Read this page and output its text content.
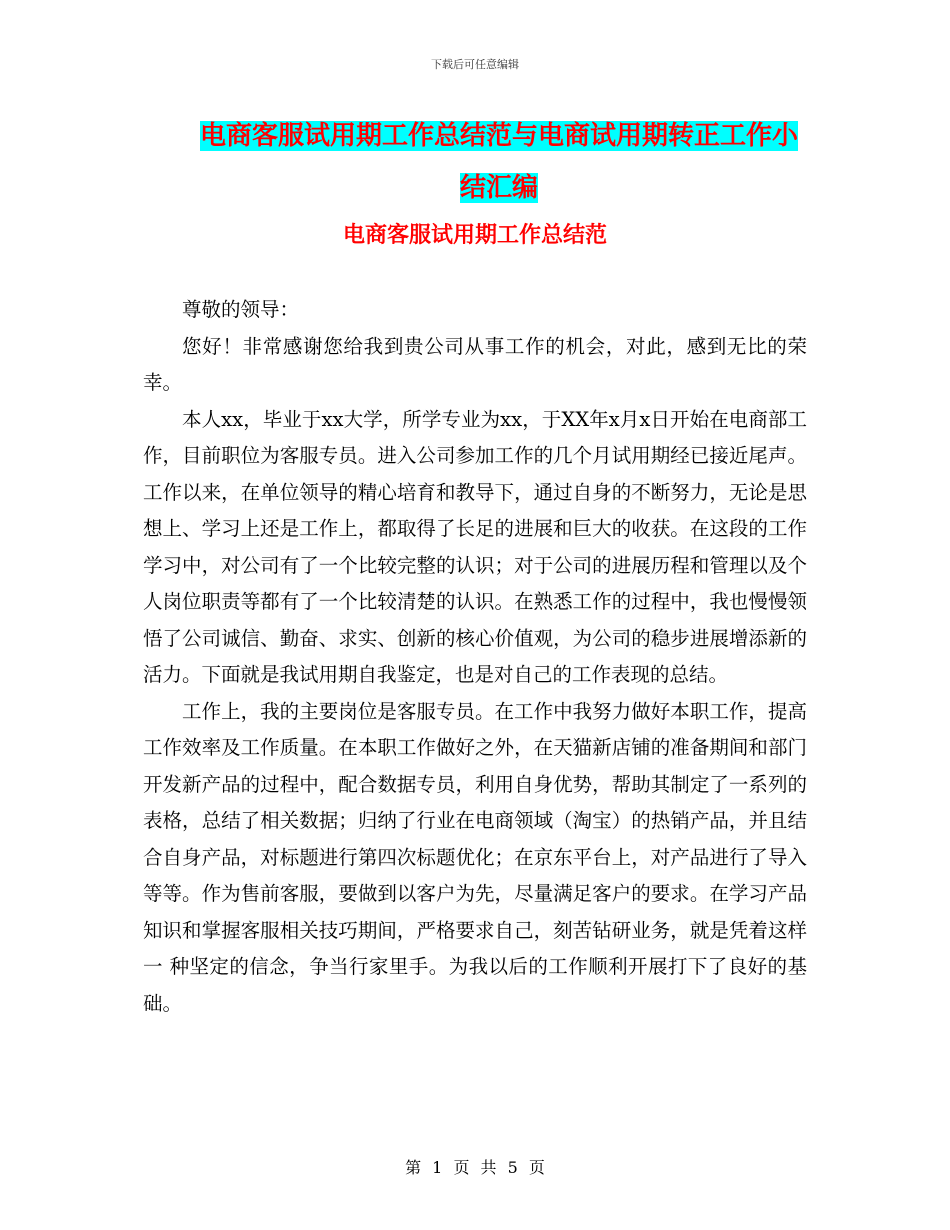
下载后可任意编辑
电商客服试用期工作总结范与电商试用期转正工作小结汇编
电商客服试用期工作总结范

尊敬的领导：

您好！非常感谢您给我到贵公司从事工作的机会，对此，感到无比的荣幸。

本人xx，毕业于xx大学，所学专业为xx，于XX年x月x日开始在电商部工作，目前职位为客服专员。进入公司参加工作的几个月试用期经已接近尾声。工作以来，在单位领导的精心培育和教导下，通过自身的不断努力，无论是思想上、学习上还是工作上，都取得了长足的进展和巨大的收获。在这段的工作学习中，对公司有了一个比较完整的认识；对于公司的进展历程和管理以及个人岗位职责等都有了一个比较清楚的认识。在熟悉工作的过程中，我也慢慢领悟了公司诚信、勤奋、求实、创新的核心价值观，为公司的稳步进展增添新的活力。下面就是我试用期自我鉴定，也是对自己的工作表现的总结。

工作上，我的主要岗位是客服专员。在工作中我努力做好本职工作，提高工作效率及工作质量。在本职工作做好之外，在天猫新店铺的准备期间和部门开发新产品的过程中，配合数据专员，利用自身优势，帮助其制定了一系列的表格，总结了相关数据；归纳了行业在电商领域（淘宝）的热销产品，并且结合自身产品，对标题进行第四次标题优化；在京东平台上，对产品进行了导入等等。作为售前客服，要做到以客户为先，尽量满足客户的要求。在学习产品知识和掌握客服相关技巧期间，严格要求自己，刻苦钻研业务，就是凭着这样一 种坚定的信念，争当行家里手。为我以后的工作顺利开展打下了良好的基础。

第 1 页 共 5 页
